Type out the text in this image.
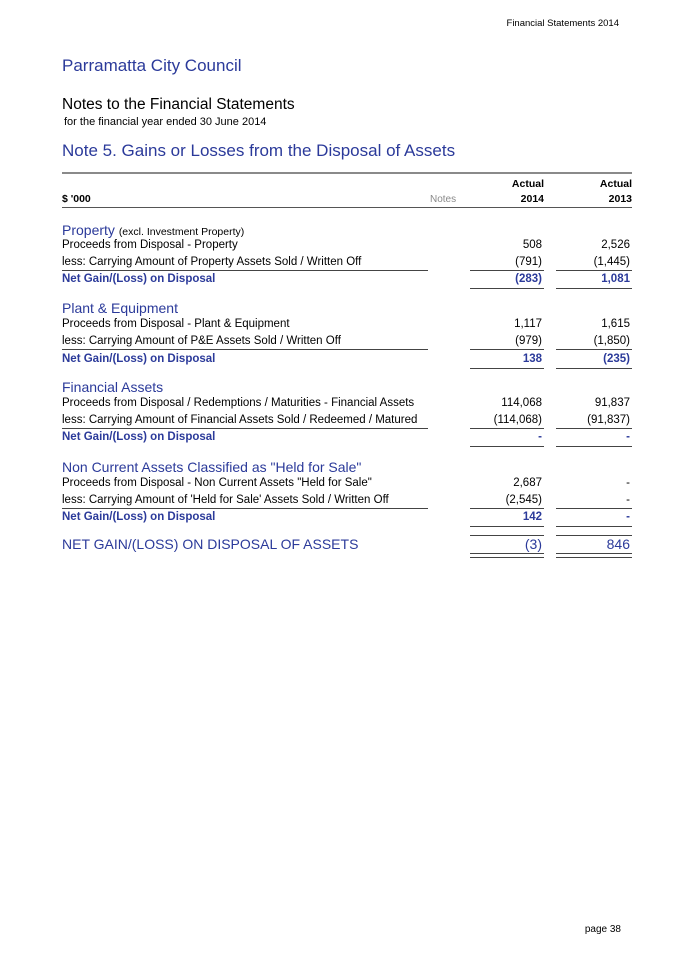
Financial Statements 2014
Parramatta City Council
Notes to the Financial Statements
for the financial year ended 30 June 2014
Note 5. Gains or Losses from the Disposal of Assets
Actual	Actual
$ '000	Notes	2014	2013
Property (excl. Investment Property)
Proceeds from Disposal - Property	508	2,526
less: Carrying Amount of Property Assets Sold / Written Off	(791)	(1,445)
Net Gain/(Loss) on Disposal	(283)	1,081
Plant & Equipment
Proceeds from Disposal - Plant & Equipment	1,117	1,615
less: Carrying Amount of P&E Assets Sold / Written Off	(979)	(1,850)
Net Gain/(Loss) on Disposal	138	(235)
Financial Assets
Proceeds from Disposal / Redemptions / Maturities - Financial Assets	114,068	91,837
less: Carrying Amount of Financial Assets Sold / Redeemed / Matured	(114,068)	(91,837)
Net Gain/(Loss) on Disposal	-	-
Non Current Assets Classified as "Held for Sale"
Proceeds from Disposal - Non Current Assets "Held for Sale"	2,687	-
less: Carrying Amount of 'Held for Sale' Assets Sold / Written Off	(2,545)	-
Net Gain/(Loss) on Disposal	142	-
NET GAIN/(LOSS) ON DISPOSAL OF ASSETS	(3)	846
page 38
